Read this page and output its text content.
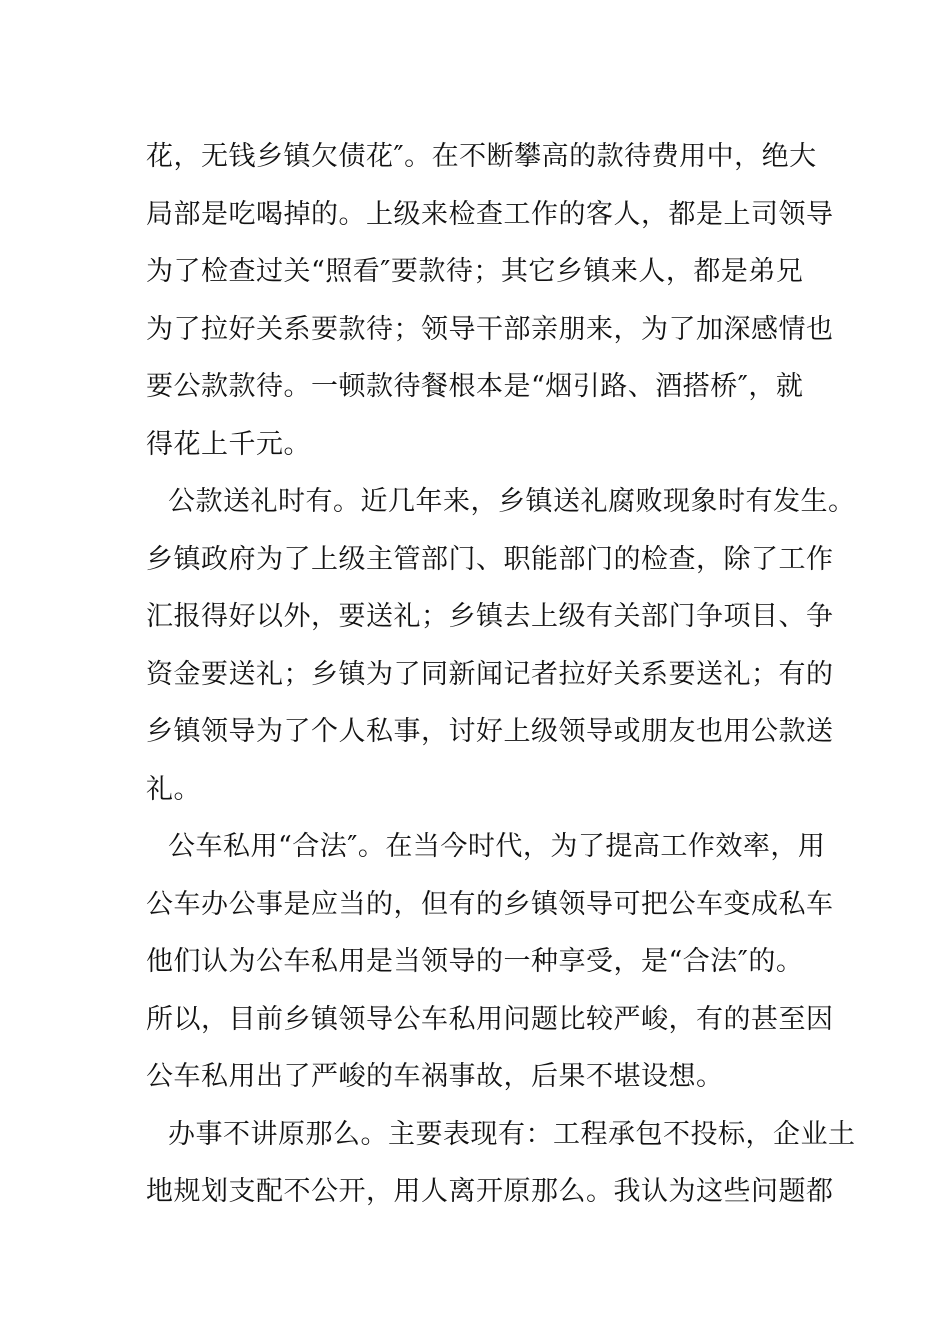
花，无钱乡镇欠债花″。在不断攀高的款待费用中，绝大
局部是吃喝掉的。上级来检查工作的客人，都是上司领导
为了检查过关“照看″要款待；其它乡镇来人，都是弟兄
为了拉好关系要款待；领导干部亲朋来，为了加深感情也
要公款款待。一顿款待餐根本是“烟引路、酒搭桥″，就
得花上千元。
公款送礼时有。近几年来，乡镇送礼腐败现象时有发生。
乡镇政府为了上级主管部门、职能部门的检查，除了工作
汇报得好以外，要送礼；乡镇去上级有关部门争项目、争
资金要送礼；乡镇为了同新闻记者拉好关系要送礼；有的
乡镇领导为了个人私事，讨好上级领导或朋友也用公款送
礼。
公车私用“合法″。在当今时代，为了提高工作效率，用
公车办公事是应当的，但有的乡镇领导可把公车变成私车
他们认为公车私用是当领导的一种享受，是“合法″的。
所以，目前乡镇领导公车私用问题比较严峻，有的甚至因
公车私用出了严峻的车祸事故，后果不堪设想。
办事不讲原那么。主要表现有：工程承包不投标，企业土
地规划支配不公开，用人离开原那么。我认为这些问题都
